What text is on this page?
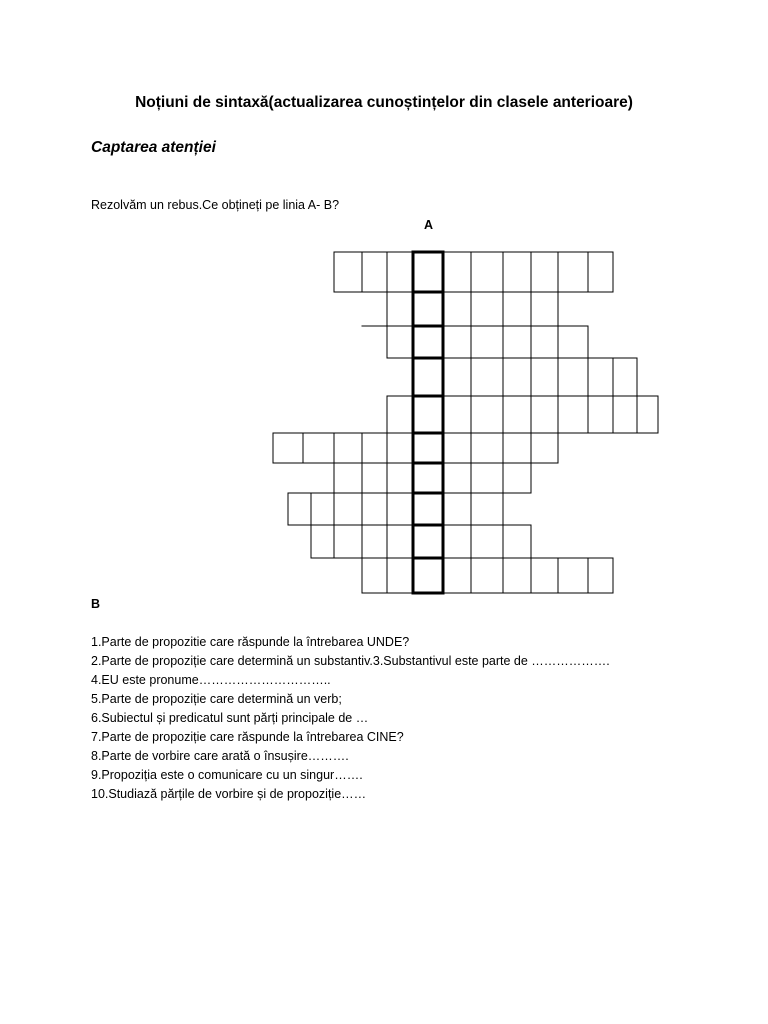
Noțiuni de sintaxă(actualizarea cunoștințelor din clasele anterioare)
Captarea atenției
Rezolvăm un rebus.Ce obțineți pe linia A- B?
A
B
1.Parte de propozitie care răspunde la întrebarea UNDE?
2.Parte de propoziție care determină un substantiv.3.Substantivul este parte de ……………….
4.EU este pronume…………………………..
5.Parte de propoziție care determină un verb;
6.Subiectul și predicatul sunt părți principale de …
7.Parte de propoziție care răspunde la întrebarea CINE?
8.Parte de vorbire care arată o însușire……….
9.Propoziția este o comunicare cu un singur…….
10.Studiază părțile de vorbire și de propoziție……
